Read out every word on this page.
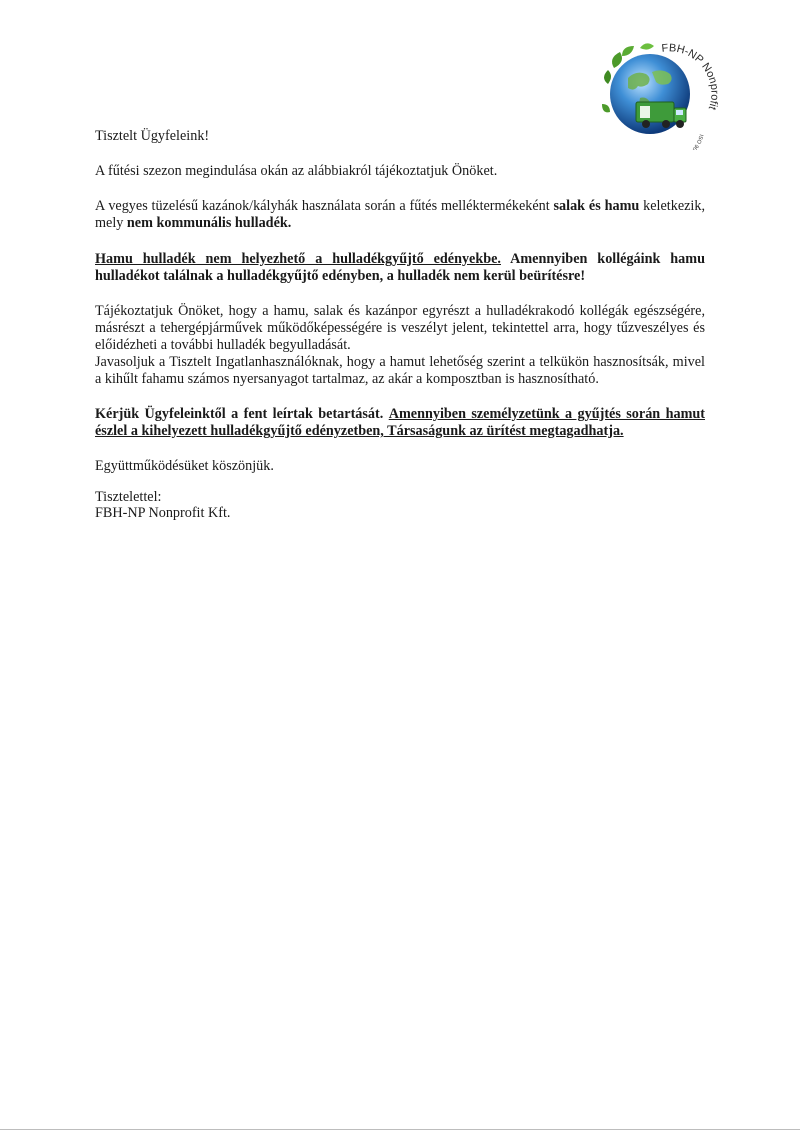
FBH-NP Non it
ISO 90

Tisztelt Ügyfeleink!

A fűtési szezon megindulása okán az alábbiakról tájékoztatjuk Önöket.

A vegyes tüzelésű kazánok/kályhák használata során a fűtés melléktermékeként salak és hamu keletkezik, mely nem kommunális hulladék.

Hamu hulladék nem helyezhető a hulladékgyűjtő edényekbe. Amennyiben kollégáink hamu hulladékot találnak a hulladékgyűjtő edényben, a hulladék nem kerül beürítésre!

Tájékoztatjuk Önöket, hogy a hamu, salak és kazánpor egyrészt a hulladékrakodó kollégák egészségére, másrészt a tehergépjárművek működőképességére is veszélyt jelent, tekintettel arra, hogy tűzveszélyes és előidézheti a további hulladék begyulladását.

Javasoljuk a Tisztelt Ingatlanhasználóknak, hogy a hamut lehetőség szerint a telkükön hasznosítsák, mivel a kihűlt fahamu számos nyersanyagot tartalmaz, az akár a komposztban is hasznosítható.

Kérjük Ügyfeleinktől a fent leírtak betartását. Amennyiben személyzetünk a gyűjtés során hamut észlel a kihelyezett hulladékgyűjtő edényzetben, Társaságunk az ürítést megtagadhatja.

Együttműködésüket köszönjük.

Tisztelettel:

FBH-NP Nonprofit Kft.
